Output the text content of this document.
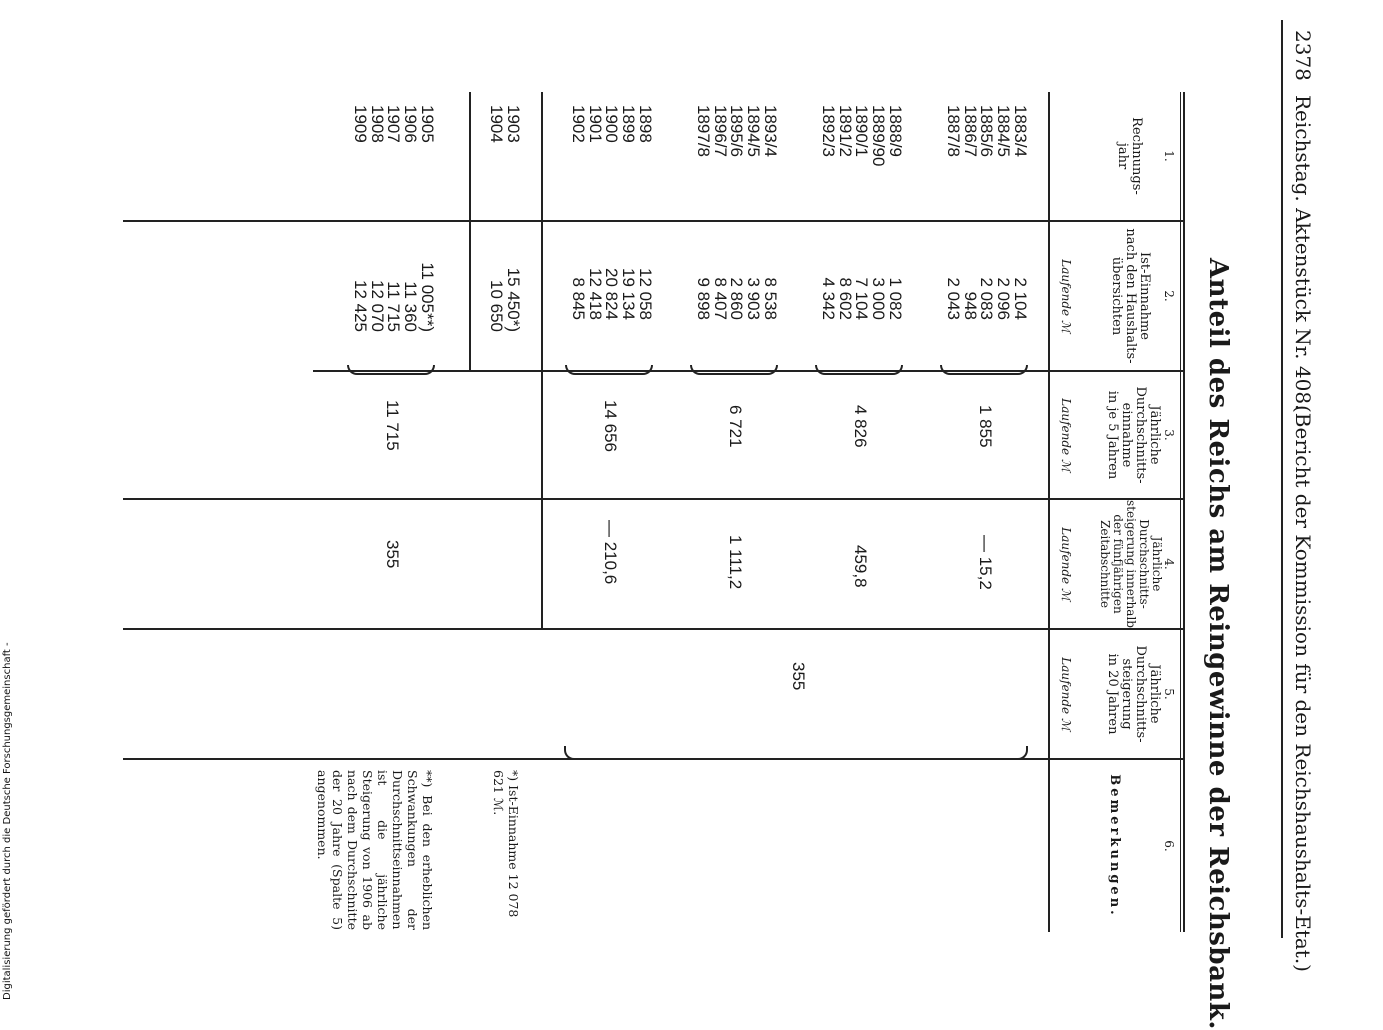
2378
Reichstag. Aktenstück Nr. 408.
(Bericht der Kommission für den Reichshaushalts-Etat.)
Anteil des Reichs am Reingewinne der Reichsbank.
1.
2.
3.
4.
5.
6.
Rechnungs-
jahr
Ist-Einnahme
nach den Haushalts-
übersichten
Jährliche
Durchschnitts-
einnahme
in je 5 Jahren
Jährliche
Durchschnitts-
steigerung innerhalb
der fünfjährigen
Zeitabschnitte
Jährliche
Durchschnitts-
steigerung
in 20 Jahren
Bemerkungen.
Laufende ℳ
Laufende ℳ
Laufende ℳ
Laufende ℳ
1883/4
1884/5
1885/6
1886/7
1887/8
2 104
2 096
2 083
948
2 043
1 855
— 15,2
1888/9
1889/90
1890/1
1891/2
1892/3
1 082
3 000
7 104
8 602
4 342
4 826
459,8
1893/4
1894/5
1895/6
1896/7
1897/8
8 538
3 903
2 860
8 407
9 898
6 721
1 111,2
1898
1899
1900
1901
1902
12 058
19 134
20 824
12 418
8 845
14 656
— 210,6
1903
1904
15 450*)
10 650
1905
1906
1907
1908
1909
11 005**)
11 360
11 715
12 070
12 425
11 715
355
355
*) Ist-Einnahme 12 078 621 ℳ.
**) Bei den erheblichen Schwankungen der Durchschnittseinnahmen ist die jährliche Steigerung von 1906 ab nach dem Durchschnitte der 20 Jahre (Spalte 5) angenommen.
Digitalisierung gefördert durch die Deutsche Forschungsgemeinschaft -
